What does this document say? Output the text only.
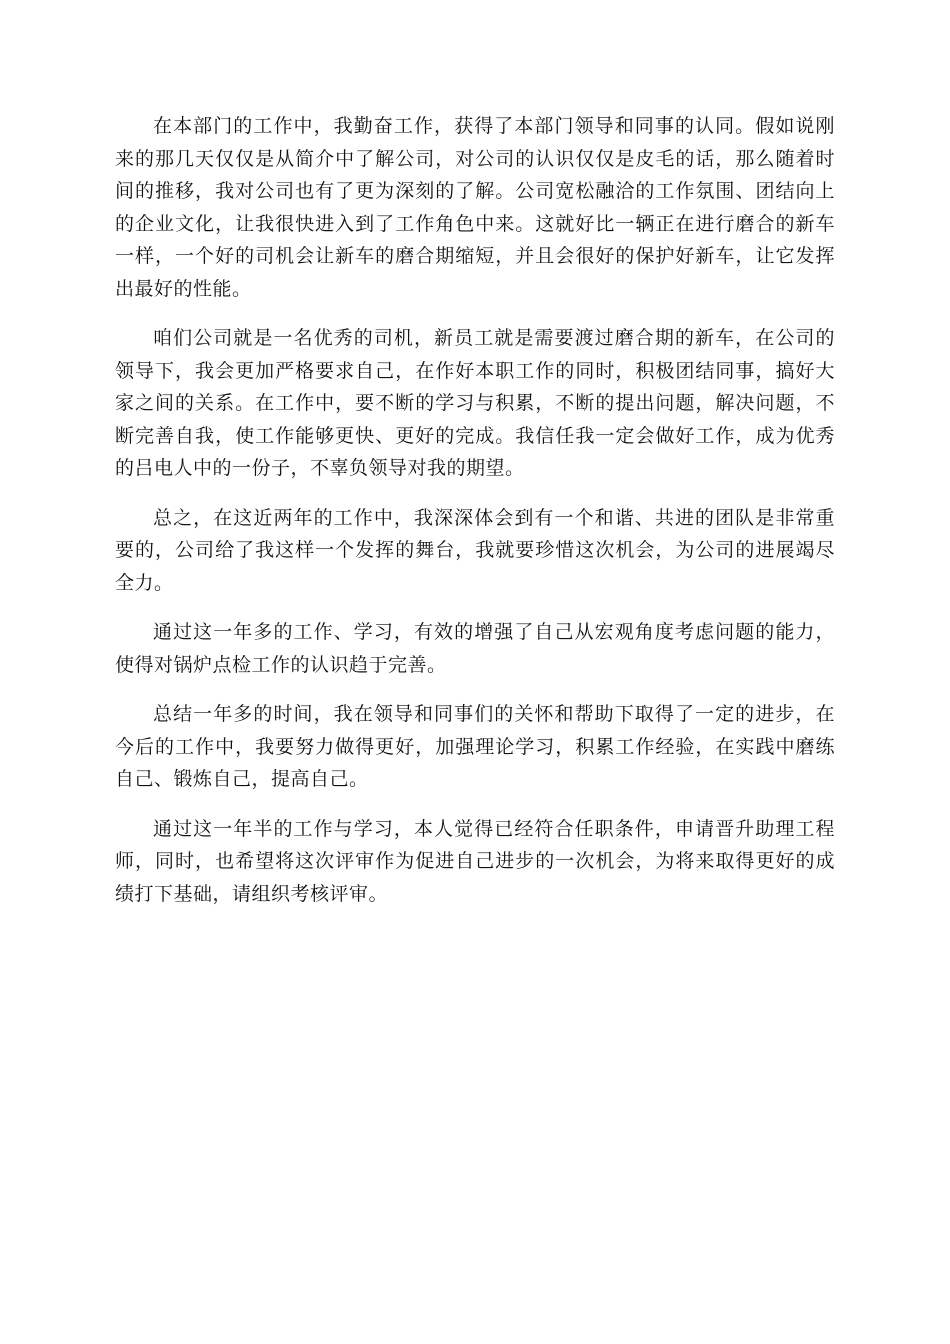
在本部门的工作中，我勤奋工作，获得了本部门领导和同事的认同。假如说刚来的那几天仅仅是从简介中了解公司，对公司的认识仅仅是皮毛的话，那么随着时间的推移，我对公司也有了更为深刻的了解。公司宽松融洽的工作氛围、团结向上的企业文化，让我很快进入到了工作角色中来。这就好比一辆正在进行磨合的新车一样，一个好的司机会让新车的磨合期缩短，并且会很好的保护好新车，让它发挥出最好的性能。

咱们公司就是一名优秀的司机，新员工就是需要渡过磨合期的新车，在公司的领导下，我会更加严格要求自己，在作好本职工作的同时，积极团结同事，搞好大家之间的关系。在工作中，要不断的学习与积累，不断的提出问题，解决问题，不断完善自我，使工作能够更快、更好的完成。我信任我一定会做好工作，成为优秀的吕电人中的一份子，不辜负领导对我的期望。

总之，在这近两年的工作中，我深深体会到有一个和谐、共进的团队是非常重要的，公司给了我这样一个发挥的舞台，我就要珍惜这次机会，为公司的进展竭尽全力。

通过这一年多的工作、学习，有效的增强了自己从宏观角度考虑问题的能力，使得对锅炉点检工作的认识趋于完善。

总结一年多的时间，我在领导和同事们的关怀和帮助下取得了一定的进步，在今后的工作中，我要努力做得更好，加强理论学习，积累工作经验，在实践中磨练自己、锻炼自己，提高自己。

通过这一年半的工作与学习，本人觉得已经符合任职条件，申请晋升助理工程师，同时，也希望将这次评审作为促进自己进步的一次机会，为将来取得更好的成绩打下基础，请组织考核评审。
